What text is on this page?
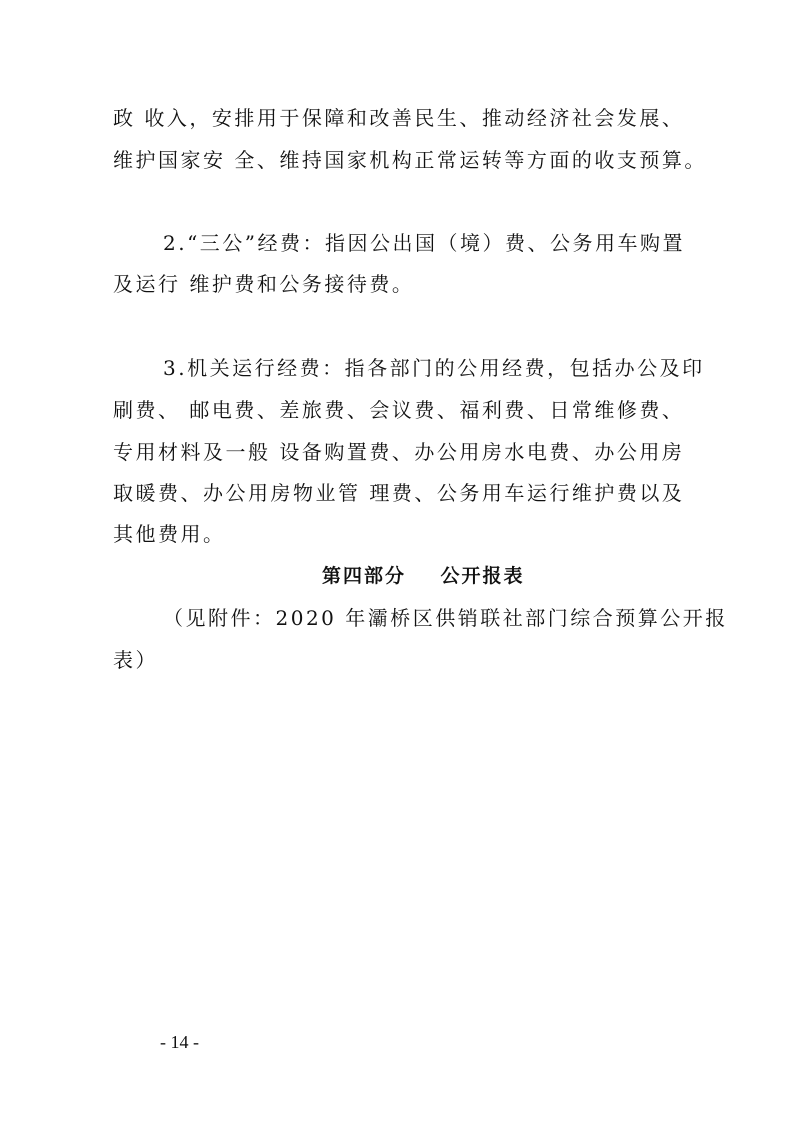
政 收入，安排用于保障和改善民生、推动经济社会发展、
维护国家安 全、维持国家机构正常运转等方面的收支预算。
2.“三公”经费：指因公出国（境）费、公务用车购置
及运行 维护费和公务接待费。
3.机关运行经费：指各部门的公用经费，包括办公及印
刷费、 邮电费、差旅费、会议费、福利费、日常维修费、
专用材料及一般 设备购置费、办公用房水电费、办公用房
取暖费、办公用房物业管 理费、公务用车运行维护费以及
其他费用。
第四部分    公开报表
（见附件：2020 年灞桥区供销联社部门综合预算公开报
表）
- 14 -
